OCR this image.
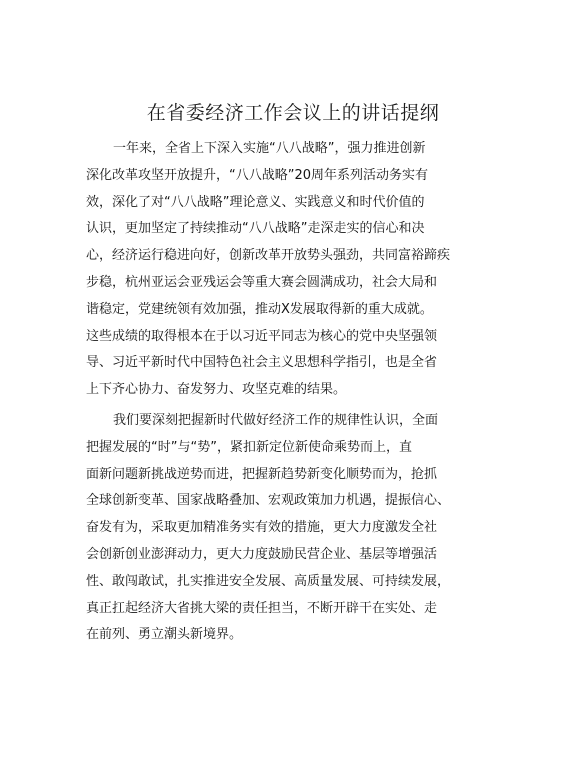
在省委经济工作会议上的讲话提纲
一年来，全省上下深入实施“八八战略”，强力推进创新
深化改革攻坚开放提升，“八八战略”20周年系列活动务实有
效，深化了对“八八战略”理论意义、实践意义和时代价值的
认识，更加坚定了持续推动“八八战略”走深走实的信心和决
心，经济运行稳进向好，创新改革开放势头强劲，共同富裕蹄疾
步稳，杭州亚运会亚残运会等重大赛会圆满成功，社会大局和
谐稳定，党建统领有效加强，推动X发展取得新的重大成就。
这些成绩的取得根本在于以习近平同志为核心的党中央坚强领
导、习近平新时代中国特色社会主义思想科学指引，也是全省
上下齐心协力、奋发努力、攻坚克难的结果。
我们要深刻把握新时代做好经济工作的规律性认识，全面
把握发展的“时”与“势”，紧扣新定位新使命乘势而上，直
面新问题新挑战逆势而进，把握新趋势新变化顺势而为，抢抓
全球创新变革、国家战略叠加、宏观政策加力机遇，提振信心、
奋发有为，采取更加精准务实有效的措施，更大力度激发全社
会创新创业澎湃动力，更大力度鼓励民营企业、基层等增强活
性、敢闯敢试，扎实推进安全发展、高质量发展、可持续发展，
真正扛起经济大省挑大梁的责任担当，不断开辟干在实处、走
在前列、勇立潮头新境界。
